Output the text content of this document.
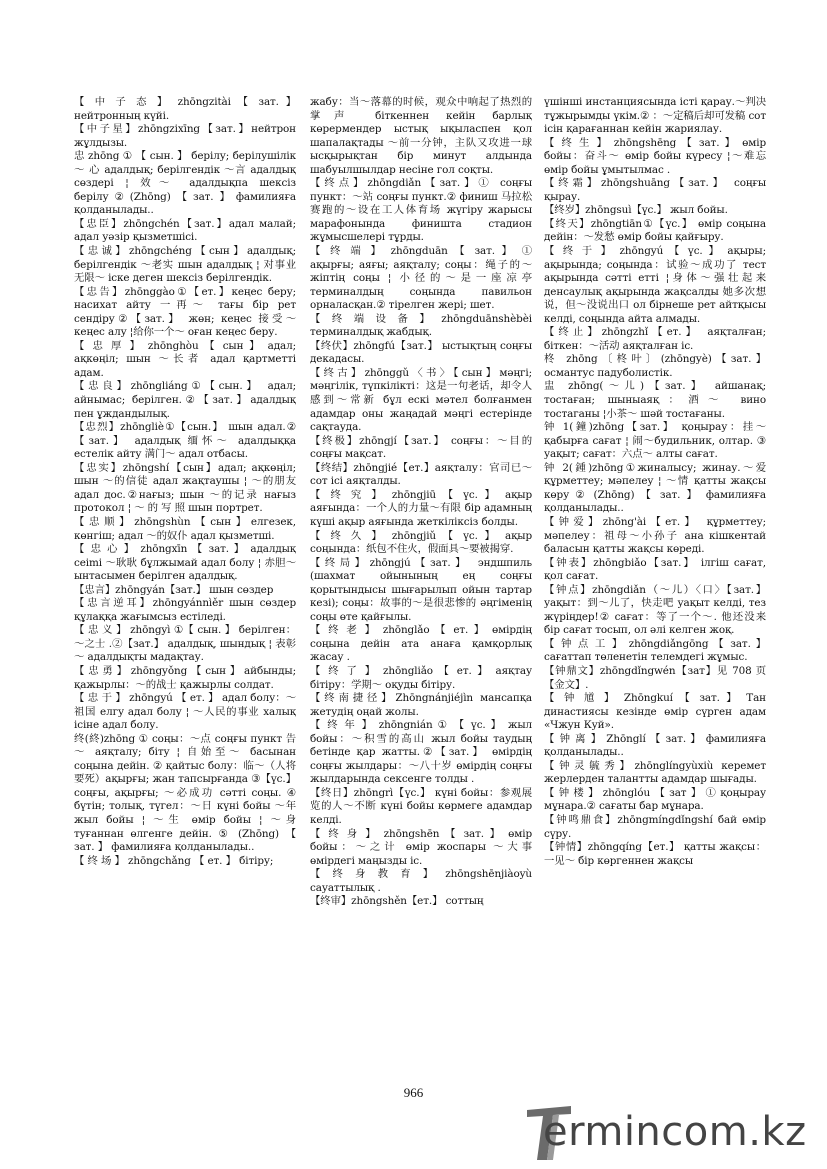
【 中 子 态 】 zhōngzitài 【 зат. 】 нейтронның күйі.

【中子星】zhōngzixīng【зат.】нейтрон жұлдызы.

忠 zhōng ① 【 сын. 】 берілу; берілушілік ～ 心 адалдық; берілгендік ～言 адалдық сөздері ¦ 效～ адалдықпа шексіз берілу②(Zhōng)【зат.】фамилияға қолданылады..

【忠臣】zhōngchén【зат.】адал малай; адал уәзір қызметшісі.

【忠诚】zhōngchéng【сын】адалдық; берілгендік ～老实 шын адалдық ¦ 对事业无限～ іске деген шексіз берілгендік.

【忠告】zhōnggào①【ет.】кеңес беру; насихат айту 一再～ тағы бір рет сендіру②【зат.】 жөн; кеңес 接受～ кеңес алу ¦给你一个～ оған кеңес беру.

【 忠 厚 】 zhōnghòu 【 сын 】 адал; ақкөңіл; шын ～长者 адал қартметті адам.

【忠良】zhōngliáng①【сын.】 адал; айнымас; берілген.②【зат.】адалдық пен ұждандылық.

【忠烈】zhōngliè①【сын.】 шын адал.②【зат.】 адалдық 缅怀～ адалдыққа естелік айту 满门～ адал отбасы.

【忠实】zhōngshí【сын】адал; ақкөңіл; шын ～的信徒 адал жақтаушы ¦ ～的朋友 адал дос.②нағыз; шын ～的记录 нағыз протокол ¦ ～ 的 写 照 шын портрет.

【忠顺】zhōngshùn【сын】елгезек, көнгіш; адал ～的奴仆 адал қызметші.

【 忠 心 】 zhōngxīn 【 зат. 】 адалдық сеimі ～耿耿 бұлжымай адал болу ¦ 赤胆～ ынтасымен берілген адалдық.

【忠言】zhōngyán【зат.】 шын сөздер

【忠言逆耳】zhōngyánnìěr шын сөздер құлаққа жағымсыз естіледі.

【 忠 义 】 zhōngyì ①【 сын. 】 берілген：～之士 .②【зат.】 адалдық, шындық ¦ 表彰～ адалдықты мадақтау.

【忠勇】zhōngyǒng【сын】айбынды; қажырлы：～的战士 қажырлы солдат.

【 忠 于 】 zhōngyú 【 ет. 】 адал болу：～祖国 елгу адал болу ¦ ～人民的事业 халық ісіне адал болу.

终(終)zhōng ① соңы：～点 соңғы пункт 告～ аяқталу; біту ¦ 自始至～ басынан соңына дейін. ② қайтыс болу：临～（人将要死）ақырғы; жан тапсырғанда ③【үс.】 соңғы, ақырғы; ～必成功 сәтті соңы. ④ бүтін; толық, түгел：～日 күні бойы ～年 жыл бойы ¦ ～生 өмір бойы ¦ ～身 туғаннан өлгенге дейін. ⑤ (Zhōng) 【 зат. 】 фамилияға қолданылады..

【 终 场 】 zhōngchǎng 【 ет. 】 бітіру;

жабу：当～落幕的时候，观众中响起了热烈的掌声 біткеннен кейін барлық көрермендер ыстық ықыласпен қол шапалақтады ～前一分钟，主队又攻进一球 ысқырықтан бір минут алдында шабуылшылдар несіне гол соқты.

【终点】zhōngdiǎn【зат.】① соңғы пункт：～站 соңғы пункт.② финиш 马拉松赛跑的～设在工人体育场 жүгіру жарысы марафонында финишта стадион жұмысшелері тұрды.

【 终 端 】 zhōngduān 【 зат. 】 ① ақырғы; аяғы; аяқталу; соңы：绳子的～ жіптің соңы ¦ 小径的～是一座凉亭 терминалдың соңында павильон орналасқан.② тірелген жері; шет.

【 终 端 设 备 】 zhōngduānshèbèi терминалдық жабдық.

【终伏】zhōngfú【зат.】 ыстықтың соңғы декадасы.

【终古】zhōnggǔ〈书〉【сын】мәңгі; мәңгілік, түпкілікті：这是一句老话，却令人感到～常新 бұл ескі мәтел болғанмен адамдар оны жаңадай мәңгі естерінде сақтауда.

【终极】zhōngjí【зат.】 соңғы：～目的 соңғы мақсат.

【终结】zhōngjié【ет.】аяқталу：官司已～ сот ісі аяқталды.

【 终 究 】 zhōngjiū 【 үс. 】 ақыр аяғында：一个人的力量～有限 бір адамның күші ақыр аяғында жеткіліксіз болды.

【 终 久 】 zhōngjiǔ 【 үс. 】 ақыр соңында：纸包不住火，假面具～要被揭穿.

【终局】zhōngjú【зат.】 эндшпиль (шахмат ойынының ең соңғы қорытындысы шығарылып ойын тартар кезі); соңы：故事的～是很悲惨的 әңгіменің соңы өте қайғылы.

【 终 老 】 zhōnglǎo 【 ет. 】 өмірдің соңына дейін ата анаға қамқорлық жасау .

【 终 了 】 zhōngliǎo 【 ет. 】 аяқтау бітіру：学期～ оқуды бітіру.

【终南捷径】Zhōngnánjiéjìn мансапқа жетудің оңай жолы.

【 终 年 】 zhōngnián ① 【 үс. 】 жыл бойы：～积雪的高山 жыл бойы таудың бетінде қар жатты.②【зат.】 өмірдің соңғы жылдары：～八十岁 өмірдің соңғы жылдарында сексенге толды .

【终日】zhōngrì【үс.】 күні бойы：参观展览的人～不断 күні бойы көрмеге адамдар келді.

【 终 身 】 zhōngshēn 【 зат. 】 өмір бойы：～之计 өмір жоспары ～大事 өмірдегі маңызды іс.

【 终 身 教 育 】 zhōngshēnjiàoyù сауаттылық .

【终审】zhōngshěn【ет.】 соттың

үшінші инстанциясында істі қарау.～判决 тұжырымды үкім.② ：～定稿后却可发稿 сот ісін қарағаннан кейін жариялау.

【 终 生 】 zhōngshēng 【 зат. 】 өмір бойы：奋斗～ өмір бойы күресу ¦～难忘 өмір бойы ұмытылмас .

【终霜】zhōngshuāng【зат.】 соңғы қырау.

【终岁】zhōngsuì【үс.】 жыл бойы.

【终天】zhōngtiān①【үс.】 өмір соңына дейін：～发愁 өмір бойы қайғыру.

【 终 于 】 zhōngyú 【 үс. 】 ақыры; ақырында; соңында：试验～成功了 тест ақырында сәтті етті ¦身体～强壮起来 денсаулық ақырында жақсалды 她多次想说，但～没说出口 ол бірнеше рет айтқысы келді, соңында айта алмады.

【终止】zhōngzhǐ【ет.】 аяқталған; біткен：～活动 аяқталған іс.

柊 zhōng〔柊叶〕(zhōngyè)【зат.】 османтус падуболистік.

盅 zhōng(～儿)【зат.】 айшанақ; тостаған; шыныаяқ：酒～ вино тостаганы ¦小茶～ шәй тостағаны.

钟 1(鐘)zhōng【зат.】 қоңырау：挂～ қабырға сағат ¦ 闹～будильник, олтар. ③ уақыт; сағат：六点～ алты сағат.

钟 2(鍾)zhōng①жиналысу; жинау.～爱 құрметтеу; мәпелеу ¦ ～情 қатты жақсы көру ② (Zhōng) 【 зат. 】 фамилияға қолданылады..

【钟爱】zhōng'ài【ет.】 құрметтеу; мәпелеу：祖母～小孙子 ана кішкентай баласын қатты жақсы көреді.

【钟表】zhōngbiǎo【зат.】 ілгіш сағат, қол сағат.

【钟点】zhōngdiǎn（～儿）〈口〉【зат.】 уақыт：到～儿了，快走吧 уақыт келді, тез жүріңдер!② сағат：等了一个～. 他还没来 бір сағат тосып, ол әлі келген жоқ.

【 钟 点 工 】 zhōngdiǎngōng 【 зат. 】 сағаттап төленетін телемдегі жұмыс.

【钟鼎文】zhōngdǐngwén【зат】见 708 页【金文】.

【 钟 馗 】 Zhōngkuí 【 зат. 】 Тан династиясы кезінде өмір сүрген адам «Чжун Куй».

【 钟 离 】 Zhōnglí 【 зат. 】 фамилияға қолданылады..

【钟灵毓秀】zhōnglíngyùxiù керемет жерлерден талантты адамдар шығады.

【钟楼】zhōnglóu【зат】①қоңырау мұнара.② сағаты бар мұнара.

【钟鸣鼎食】zhōngmíngdǐngshí бай өмір сүру.

【钟情】zhōngqíng【ет.】 қатты жақсы：一见～ бір көргеннен жақсы

966
ermincom.kz
